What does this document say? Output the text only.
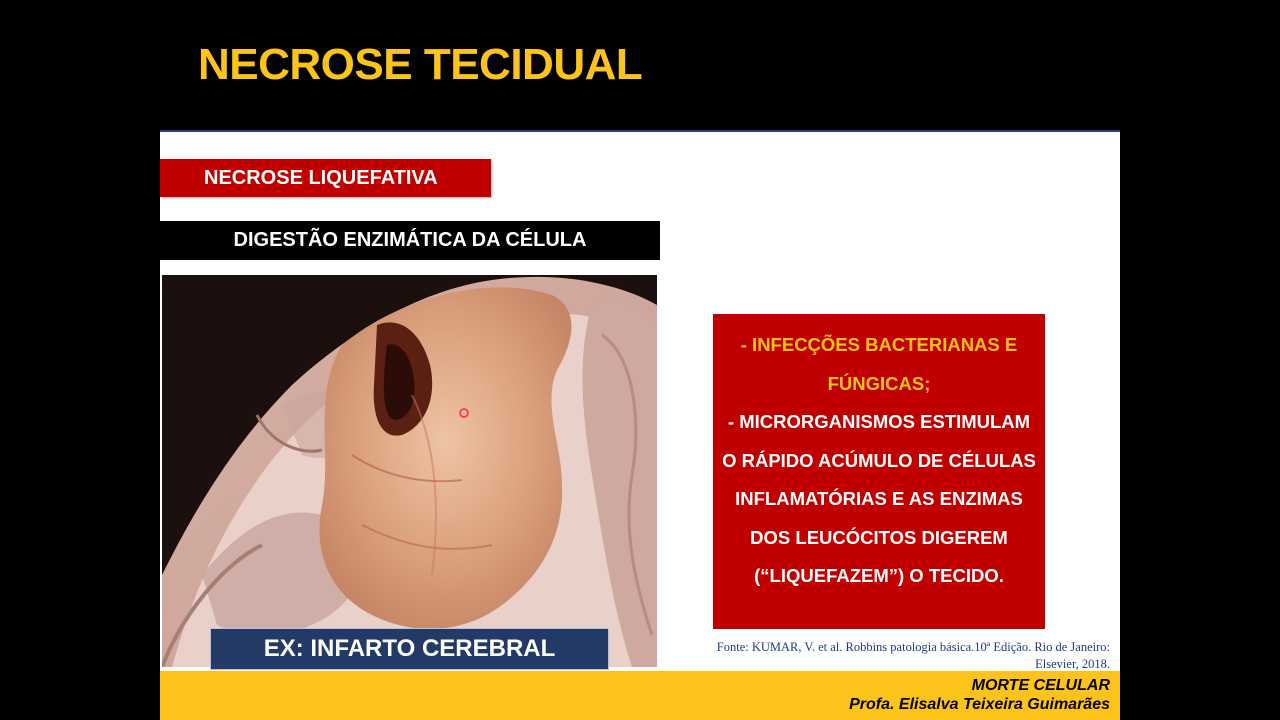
NECROSE TECIDUAL
NECROSE LIQUEFATIVA
DIGESTÃO ENZIMÁTICA DA CÉLULA
EX: INFARTO CEREBRAL
- INFECÇÕES BACTERIANAS E FÚNGICAS;
- MICRORGANISMOS ESTIMULAM O RÁPIDO ACÚMULO DE CÉLULAS INFLAMATÓRIAS E AS ENZIMAS DOS LEUCÓCITOS DIGEREM (“LIQUEFAZEM”) O TECIDO.
Fonte: KUMAR, V. et al. Robbins patologia básica.10ª Edição. Rio de Janeiro: Elsevier, 2018.
MORTE CELULAR
Profa. Elisalva Teixeira Guimarães
